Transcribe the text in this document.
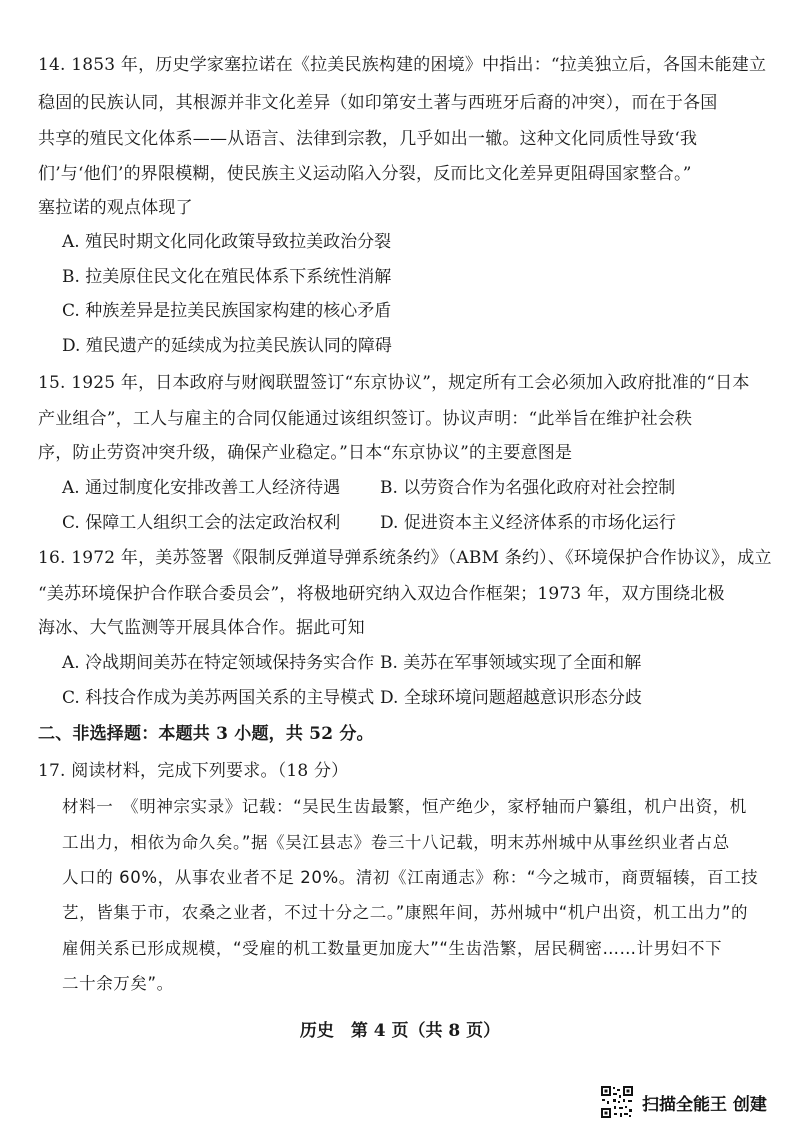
14. 1853 年，历史学家塞拉诺在《拉美民族构建的困境》中指出：“拉美独立后，各国未能建立
稳固的民族认同，其根源并非文化差异（如印第安土著与西班牙后裔的冲突），而在于各国
共享的殖民文化体系——从语言、法律到宗教，几乎如出一辙。这种文化同质性导致‘我
们’与‘他们’的界限模糊，使民族主义运动陷入分裂，反而比文化差异更阻碍国家整合。”
塞拉诺的观点体现了
A. 殖民时期文化同化政策导致拉美政治分裂
B. 拉美原住民文化在殖民体系下系统性消解
C. 种族差异是拉美民族国家构建的核心矛盾
D. 殖民遗产的延续成为拉美民族认同的障碍
15. 1925 年，日本政府与财阀联盟签订“东京协议”，规定所有工会必须加入政府批准的“日本
产业组合”，工人与雇主的合同仅能通过该组织签订。协议声明：“此举旨在维护社会秩
序，防止劳资冲突升级，确保产业稳定。”日本“东京协议”的主要意图是
A. 通过制度化安排改善工人经济待遇 B. 以劳资合作为名强化政府对社会控制
C. 保障工人组织工会的法定政治权利 D. 促进资本主义经济体系的市场化运行
16. 1972 年，美苏签署《限制反弹道导弹系统条约》（ABM 条约）、《环境保护合作协议》，成立
“美苏环境保护合作联合委员会”，将极地研究纳入双边合作框架；1973 年，双方围绕北极
海冰、大气监测等开展具体合作。据此可知
A. 冷战期间美苏在特定领域保持务实合作 B. 美苏在军事领域实现了全面和解
C. 科技合作成为美苏两国关系的主导模式 D. 全球环境问题超越意识形态分歧
二、非选择题：本题共 3 小题，共 52 分。
17. 阅读材料，完成下列要求。（18 分）
材料一　《明神宗实录》记载：“吴民生齿最繁，恒产绝少，家杼轴而户纂组，机户出资，机
工出力，相依为命久矣。”据《吴江县志》卷三十八记载，明末苏州城中从事丝织业者占总
人口的 60%，从事农业者不足 20%。清初《江南通志》称：“今之城市，商贾辐辏，百工技
艺，皆集于市，农桑之业者，不过十分之二。”康熙年间，苏州城中“机户出资，机工出力”的
雇佣关系已形成规模，“受雇的机工数量更加庞大”“生齿浩繁，居民稠密……计男妇不下
二十余万矣”。
历史　第 4 页（共 8 页）
扫描全能王 创建
